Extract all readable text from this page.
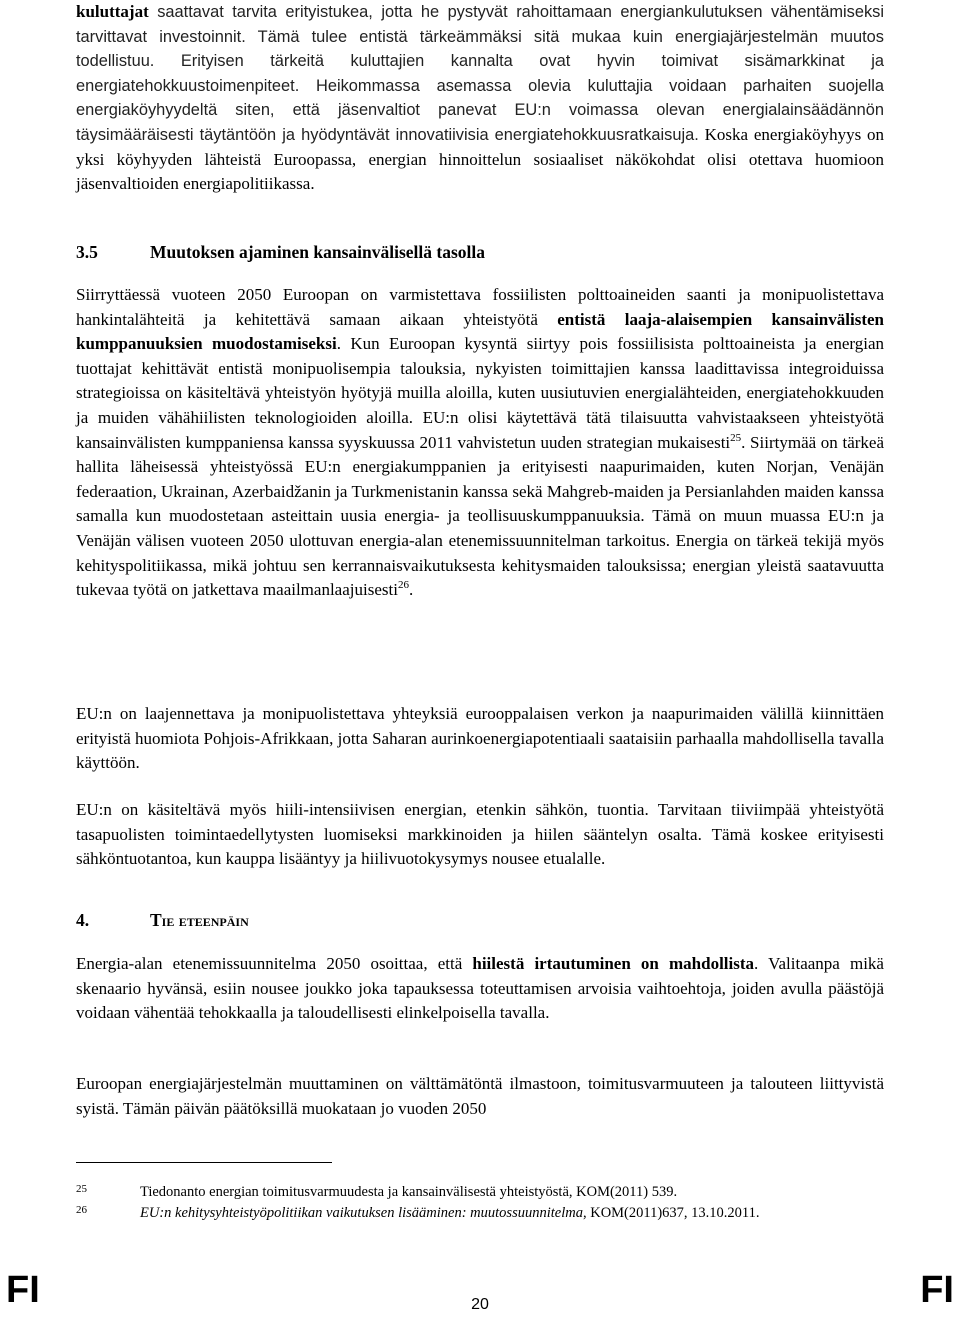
kuluttajat saattavat tarvita erityistukea, jotta he pystyvät rahoittamaan energiankulutuksen vähentämiseksi tarvittavat investoinnit. Tämä tulee entistä tärkeämmäksi sitä mukaa kuin energiajärjestelmän muutos todellistuu. Erityisen tärkeitä kuluttajien kannalta ovat hyvin toimivat sisämarkkinat ja energiatehokkuustoimenpiteet. Heikommassa asemassa olevia kuluttajia voidaan parhaiten suojella energiaköyhyydeltä siten, että jäsenvaltiot panevat EU:n voimassa olevan energialainsäädännön täysimääräisesti täytäntöön ja hyödyntävät innovatiivisia energiatehokkuusratkaisuja. Koska energiaköyhyys on yksi köyhyyden lähteistä Euroopassa, energian hinnoittelun sosiaaliset näkökohdat olisi otettava huomioon jäsenvaltioiden energiapolitiikassa.

3.5	Muutoksen ajaminen kansainvälisellä tasolla

Siirryttäessä vuoteen 2050 Euroopan on varmistettava fossiilisten polttoaineiden saanti ja monipuolistettava hankintalähteitä ja kehitettävä samaan aikaan yhteistyötä entistä laaja-alaisempien kansainvälisten kumppanuuksien muodostamiseksi. Kun Euroopan kysyntä siirtyy pois fossiilisista polttoaineista ja energian tuottajat kehittävät entistä monipuolisempia talouksia, nykyisten toimittajien kanssa laadittavissa integroiduissa strategioissa on käsiteltävä yhteistyön hyötyjä muilla aloilla, kuten uusiutuvien energialähteiden, energiatehokkuuden ja muiden vähähiilisten teknologioiden aloilla. EU:n olisi käytettävä tätä tilaisuutta vahvistaakseen yhteistyötä kansainvälisten kumppaniensa kanssa syyskuussa 2011 vahvistetun uuden strategian mukaisesti$^{25}$. Siirtymää on tärkeä hallita läheisessä yhteistyössä EU:n energiakumppanien ja erityisesti naapurimaiden, kuten Norjan, Venäjän federaation, Ukrainan, Azerbaidžanin ja Turkmenistanin kanssa sekä Mahgreb-maiden ja Persianlahden maiden kanssa samalla kun muodostetaan asteittain uusia energia- ja teollisuuskumppanuuksia. Tämä on muun muassa EU:n ja Venäjän välisen vuoteen 2050 ulottuvan energia-alan etenemissuunnitelman tarkoitus. Energia on tärkeä tekijä myös kehityspolitiikassa, mikä johtuu sen kerrannaisvaikutuksesta kehitysmaiden talouksissa; energian yleistä saatavuutta tukevaa työtä on jatkettava maailmanlaajuisesti$^{26}$.

EU:n on laajennettava ja monipuolistettava yhteyksiä eurooppalaisen verkon ja naapurimaiden välillä kiinnittäen erityistä huomiota Pohjois-Afrikkaan, jotta Saharan aurinkoenergiapotentiaali saataisiin parhaalla mahdollisella tavalla käyttöön.

EU:n on käsiteltävä myös hiili-intensiivisen energian, etenkin sähkön, tuontia. Tarvitaan tiiviimpää yhteistyötä tasapuolisten toimintaedellytysten luomiseksi markkinoiden ja hiilen sääntelyn osalta. Tämä koskee erityisesti sähköntuotantoa, kun kauppa lisääntyy ja hiilivuotokysymys nousee etualalle.

4.	Tie eteenpäin

Energia-alan etenemissuunnitelma 2050 osoittaa, että hiilestä irtautuminen on mahdollista. Valitaanpa mikä skenaario hyvänsä, esiin nousee joukko joka tapauksessa toteuttamisen arvoisia vaihtoehtoja, joiden avulla päästöjä voidaan vähentää tehokkaalla ja taloudellisesti elinkelpoisella tavalla.

Euroopan energiajärjestelmän muuttaminen on välttämätöntä ilmastoon, toimitusvarmuuteen ja talouteen liittyvistä syistä. Tämän päivän päätöksillä muokataan jo vuoden 2050

25	Tiedonanto energian toimitusvarmuudesta ja kansainvälisestä yhteistyöstä, KOM(2011) 539.
26	EU:n kehitysyhteistyöpolitiikan vaikutuksen lisääminen: muutossuunnitelma, KOM(2011)637, 13.10.2011.
FI	20	FI
